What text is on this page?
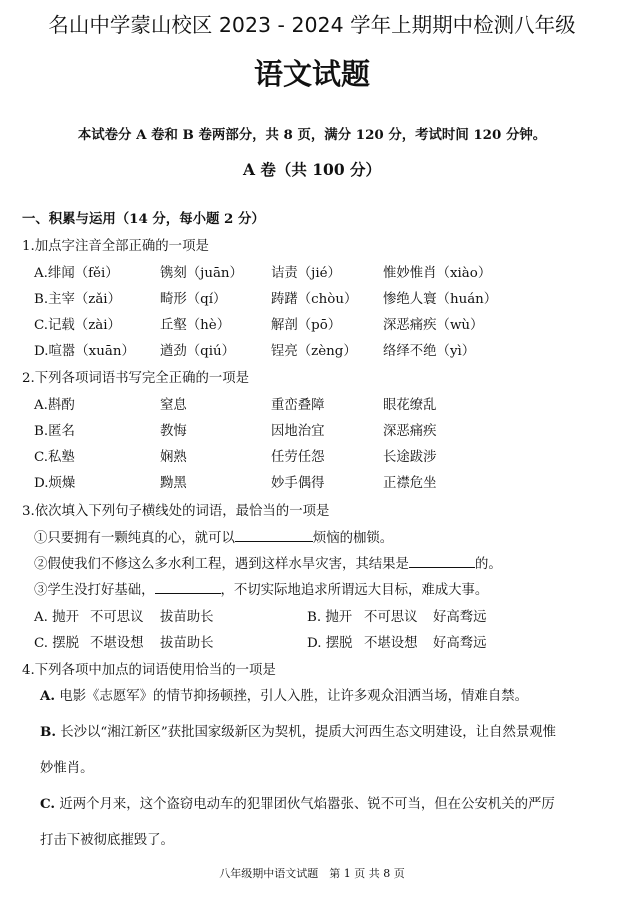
名山中学蒙山校区 2023 - 2024 学年上期期中检测八年级
语文试题
本试卷分 A 卷和 B 卷两部分，共 8 页，满分 120 分，考试时间 120 分钟。
A 卷（共 100 分）
一、积累与运用（14 分，每小题 2 分）
1.加点字注音全部正确的一项是
A.绯闻（fěi）	镌刻（juān） 诘责（jié）	惟妙惟肖（xiào）
B.主宰（zǎi）	畸形（qí）	踌躇（chòu） 惨绝人寰（huán）
C.记载（zài）	丘壑（hè）	解剖（pō）	深恶痛疾（wù）
D.喧嚣（xuān） 遒劲（qiú）	锃亮（zèng） 络绎不绝（yì）
2.下列各项词语书写完全正确的一项是
A.斟酌	窒息	重峦叠障	眼花缭乱
B.匿名	教悔	因地治宜	深恶痛疾
C.私塾	娴熟	任劳任怨	长途跋涉
D.烦燥	黝黑	妙手偶得	正襟危坐
3.依次填入下列句子横线处的词语，最恰当的一项是
①只要拥有一颗纯真的心，就可以	烦恼的枷锁。
②假使我们不修这么多水利工程，遇到这样水旱灾害，其结果是	的。
③学生没打好基础，	，不切实际地追求所谓远大目标，难成大事。
A. 抛开 不可思议 拔苗助长	B. 抛开 不可思议 好高骛远
C. 摆脱 不堪设想 拔苗助长	D. 摆脱 不堪设想 好高骛远
4.下列各项中加点的词语使用恰当的一项是
A. 电影《志愿军》的情节抑扬顿挫，引人入胜，让许多观众泪洒当场，情难自禁。
B. 长沙以“湘江新区”获批国家级新区为契机，提质大河西生态文明建设，让自然景观惟
妙惟肖。
C. 近两个月来，这个盗窃电动车的犯罪团伙气焰嚣张、锐不可当，但在公安机关的严厉
打击下被彻底摧毁了。
八年级期中语文试题　第 1 页 共 8 页
